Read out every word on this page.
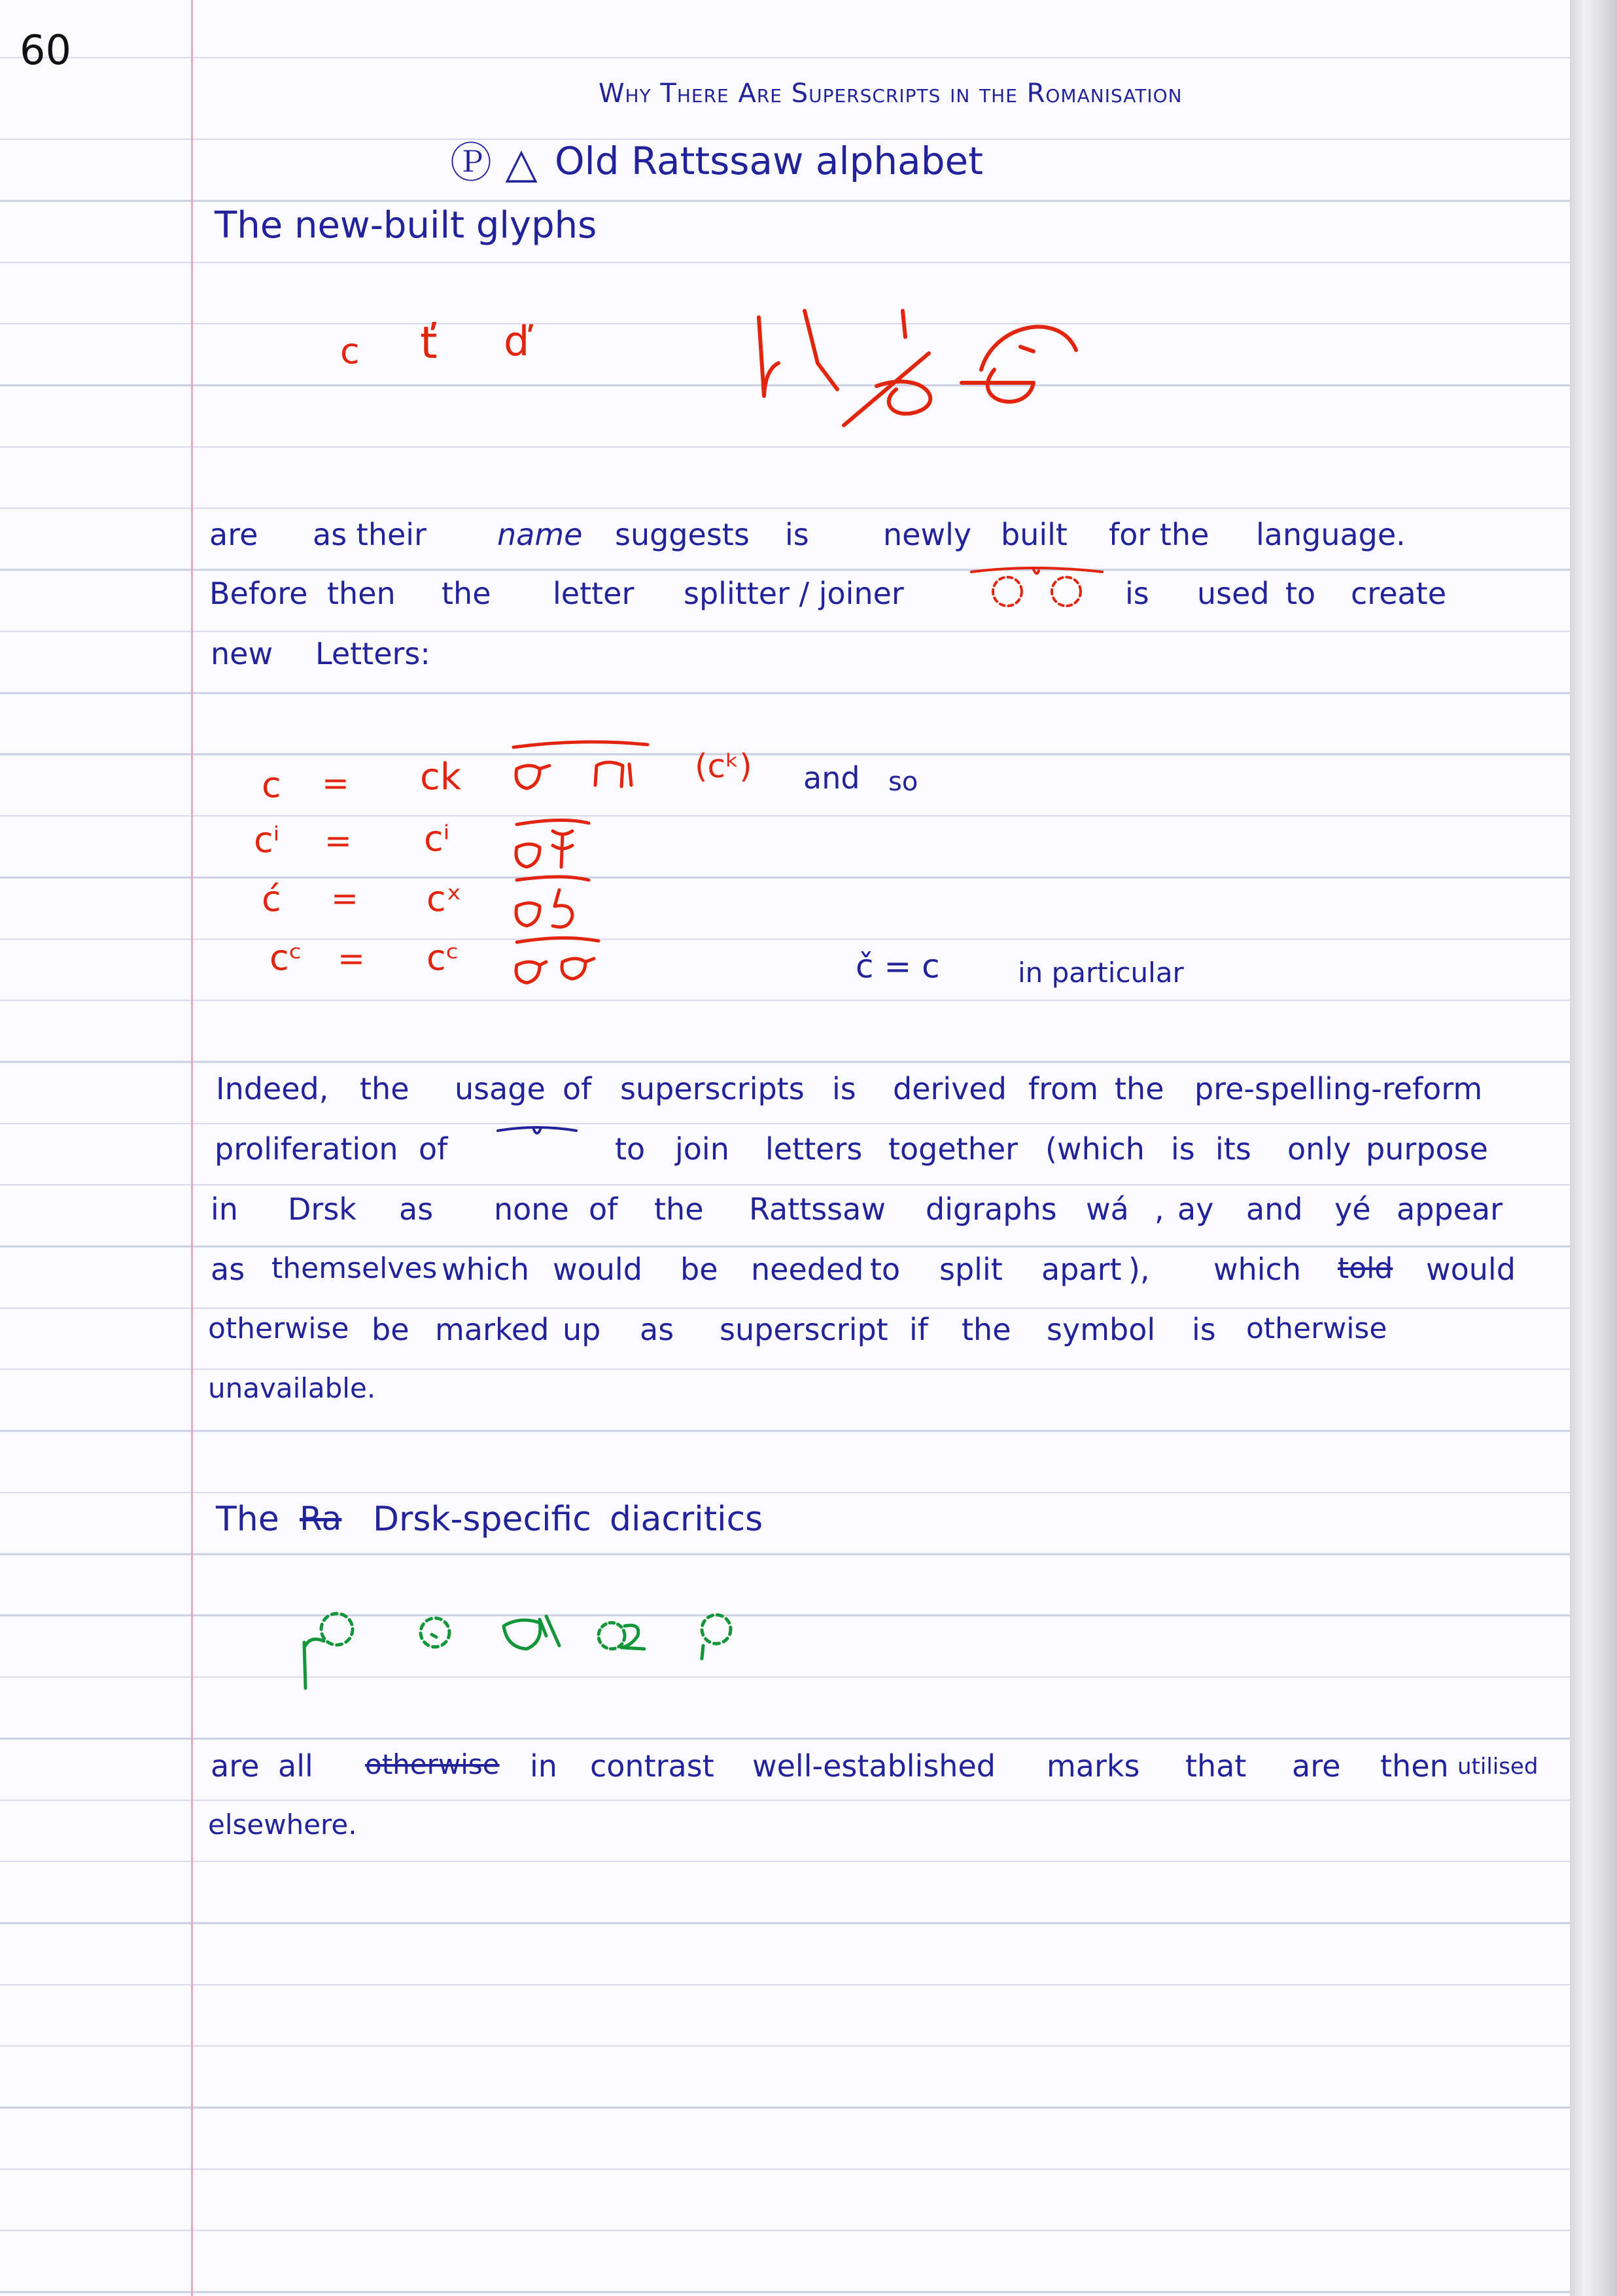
60
Why There Are Superscripts in the Romanisation
Ⓟ △ Old Rattssaw alphabet
The new-built glyphs
c ť ď
are as their name suggests is newly built for the language.
Before then the letter splitter / joiner	is used to create
new Letters:
c = ck
cⁱ = cⁱ
ć = cˣ
cᶜ = cᶜ
(cᵏ) and so
č = c	in particular
Indeed, the usage of superscripts is derived from the pre-spelling-reform
proliferation of	to join letters together (which is its only purpose
in Drsk as none of the Rattssaw digraphs wá , ay and yé appear
as themselves which would be needed to split apart ), which told would
otherwise be marked up as superscript if the symbol is otherwise
unavailable.
The Ra Drsk-specific diacritics
are all otherwise in contrast well-established marks that are then utilised
elsewhere.
